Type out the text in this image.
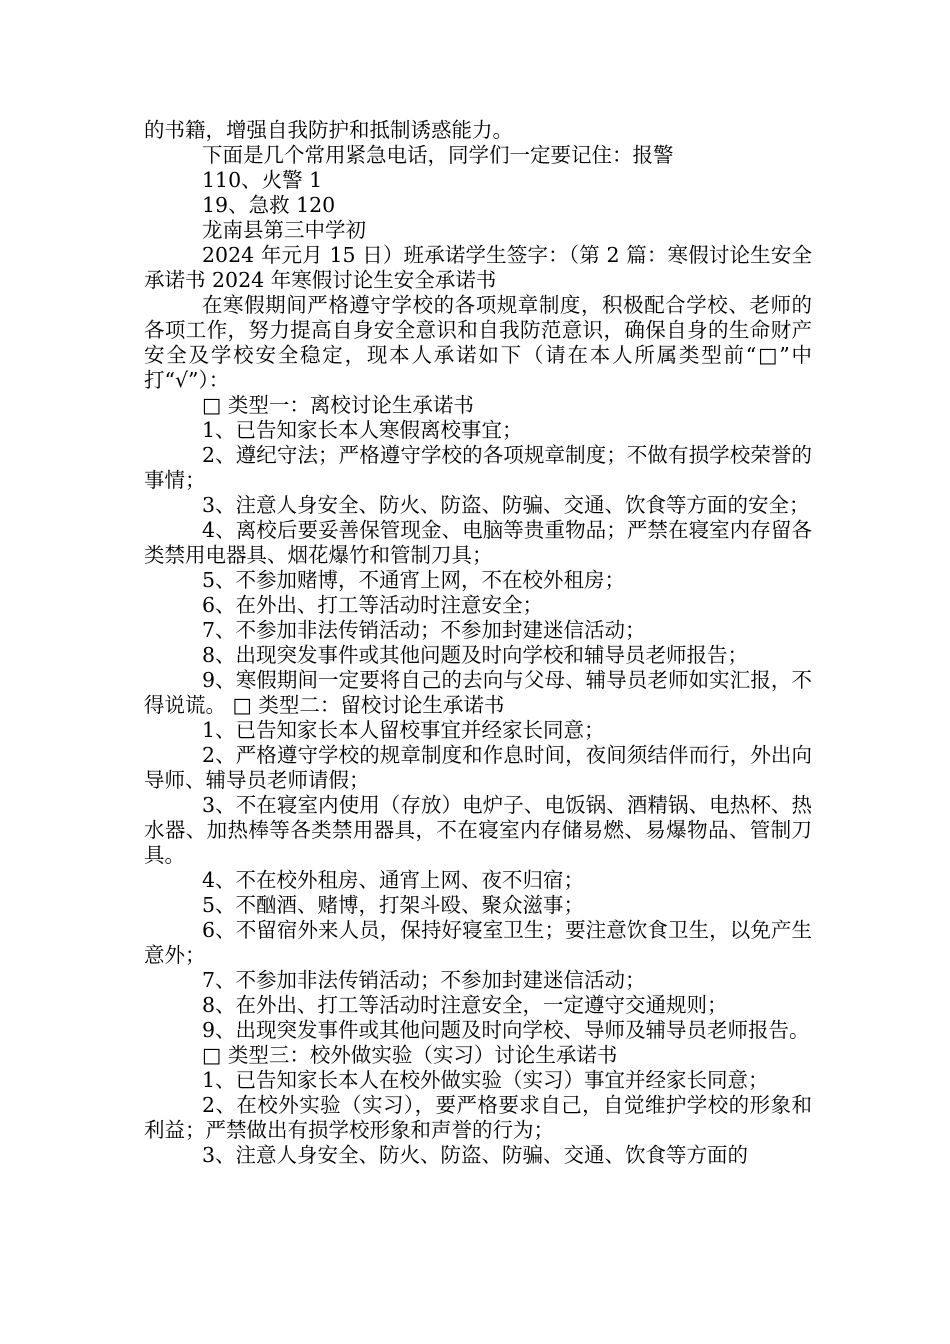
的书籍，增强自我防护和抵制诱惑能力。

下面是几个常用紧急电话，同学们一定要记住：报警

110、火警 1

19、急救 120

龙南县第三中学初

2024 年元月 15 日）班承诺学生签字：（第 2 篇：寒假讨论生安全承诺书 2024 年寒假讨论生安全承诺书

在寒假期间严格遵守学校的各项规章制度，积极配合学校、老师的各项工作，努力提高自身安全意识和自我防范意识，确保自身的生命财产安全及学校安全稳定，现本人承诺如下（请在本人所属类型前“□”中打“√”）：

□ 类型一：离校讨论生承诺书

1、已告知家长本人寒假离校事宜；

2、遵纪守法；严格遵守学校的各项规章制度；不做有损学校荣誉的事情；

3、注意人身安全、防火、防盗、防骗、交通、饮食等方面的安全；

4、离校后要妥善保管现金、电脑等贵重物品；严禁在寝室内存留各类禁用电器具、烟花爆竹和管制刀具；

5、不参加赌博，不通宵上网，不在校外租房；

6、在外出、打工等活动时注意安全；

7、不参加非法传销活动；不参加封建迷信活动；

8、出现突发事件或其他问题及时向学校和辅导员老师报告；

9、寒假期间一定要将自己的去向与父母、辅导员老师如实汇报，不得说谎。 □ 类型二：留校讨论生承诺书

1、已告知家长本人留校事宜并经家长同意；

2、严格遵守学校的规章制度和作息时间，夜间须结伴而行，外出向导师、辅导员老师请假；

3、不在寝室内使用（存放）电炉子、电饭锅、酒精锅、电热杯、热水器、加热棒等各类禁用器具，不在寝室内存储易燃、易爆物品、管制刀具。

4、不在校外租房、通宵上网、夜不归宿；

5、不酗酒、赌博，打架斗殴、聚众滋事；

6、不留宿外来人员，保持好寝室卫生；要注意饮食卫生，以免产生意外；

7、不参加非法传销活动；不参加封建迷信活动；

8、在外出、打工等活动时注意安全，一定遵守交通规则；

9、出现突发事件或其他问题及时向学校、导师及辅导员老师报告。

□ 类型三：校外做实验（实习）讨论生承诺书

1、已告知家长本人在校外做实验（实习）事宜并经家长同意；

2、在校外实验（实习），要严格要求自己，自觉维护学校的形象和利益；严禁做出有损学校形象和声誉的行为；

3、注意人身安全、防火、防盗、防骗、交通、饮食等方面的
